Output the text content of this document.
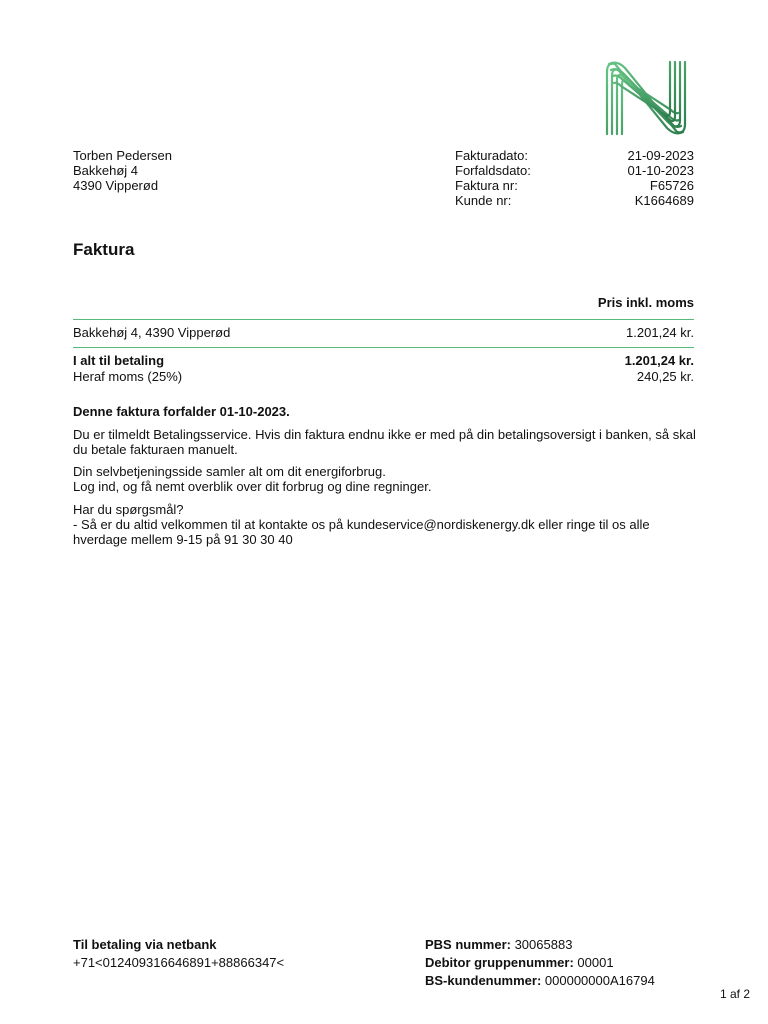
Torben Pedersen
Bakkehøj 4
4390 Vipperød
Fakturadato:	21-09-2023
Forfaldsdato:	01-10-2023
Faktura nr:	F65726
Kunde nr:	K1664689
Faktura
Pris inkl. moms
Bakkehøj 4, 4390 Vipperød	1.201,24 kr.
I alt til betaling	1.201,24 kr.
Heraf moms (25%)	240,25 kr.

Denne faktura forfalder 01-10-2023.

Du er tilmeldt Betalingsservice. Hvis din faktura endnu ikke er med på din betalingsoversigt i banken, så skal

du betale fakturaen manuelt.

Din selvbetjeningsside samler alt om dit energiforbrug.

Log ind, og få nemt overblik over dit forbrug og dine regninger.

Har du spørgsmål?

- Så er du altid velkommen til at kontakte os på kundeservice@nordiskenergy.dk eller ringe til os alle

hverdage mellem 9-15 på 91 30 30 40

Til betaling via netbank
+71<012409316646891+88866347<
PBS nummer: 30065883
Debitor gruppenummer: 00001
BS-kundenummer: 000000000A16794
1 af 2
